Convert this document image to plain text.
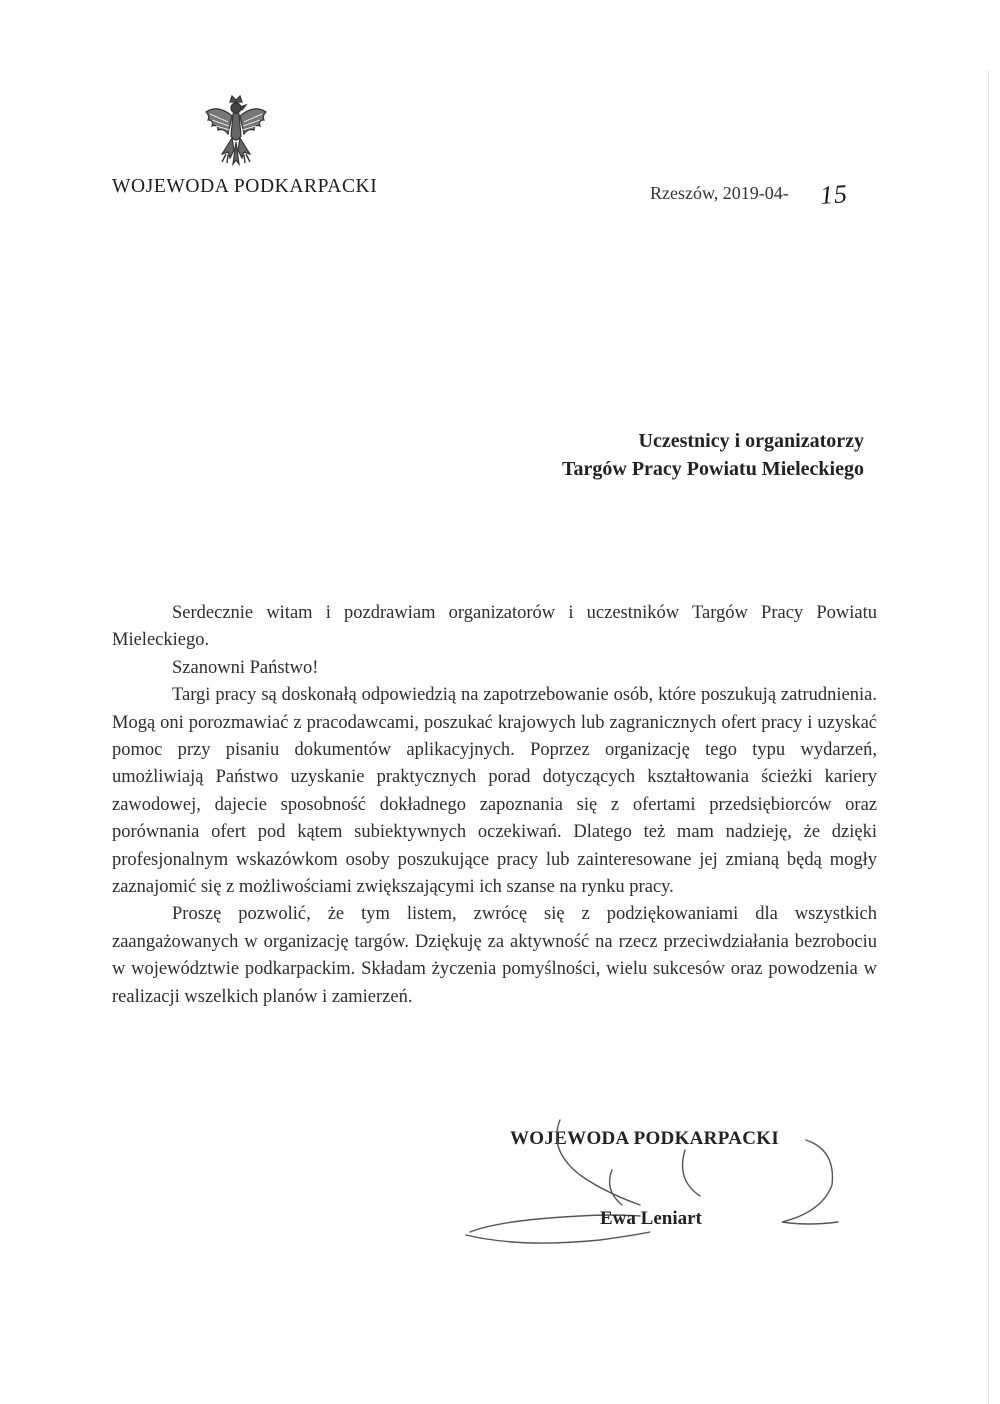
WOJEWODA PODKARPACKI	Rzeszów, 2019-04- 15
Uczestnicy i organizatorzy
Targów Pracy Powiatu Mieleckiego

Serdecznie witam i pozdrawiam organizatorów i uczestników Targów Pracy Powiatu Mieleckiego.

Szanowni Państwo!

Targi pracy są doskonałą odpowiedzią na zapotrzebowanie osób, które poszukują zatrudnienia. Mogą oni porozmawiać z pracodawcami, poszukać krajowych lub zagranicznych ofert pracy i uzyskać pomoc przy pisaniu dokumentów aplikacyjnych. Poprzez organizację tego typu wydarzeń, umożliwiają Państwo uzyskanie praktycznych porad dotyczących kształtowania ścieżki kariery zawodowej, dajecie sposobność dokładnego zapoznania się z ofertami przedsiębiorców oraz porównania ofert pod kątem subiektywnych oczekiwań. Dlatego też mam nadzieję, że dzięki profesjonalnym wskazówkom osoby poszukujące pracy lub zainteresowane jej zmianą będą mogły zaznajomić się z możliwościami zwiększającymi ich szanse na rynku pracy.

Proszę pozwolić, że tym listem, zwrócę się z podziękowaniami dla wszystkich zaangażowanych w organizację targów. Dziękuję za aktywność na rzecz przeciwdziałania bezrobociu w województwie podkarpackim. Składam życzenia pomyślności, wielu sukcesów oraz powodzenia w realizacji wszelkich planów i zamierzeń.

WOJEWODA PODKARPACKI
Ewa Leniart
